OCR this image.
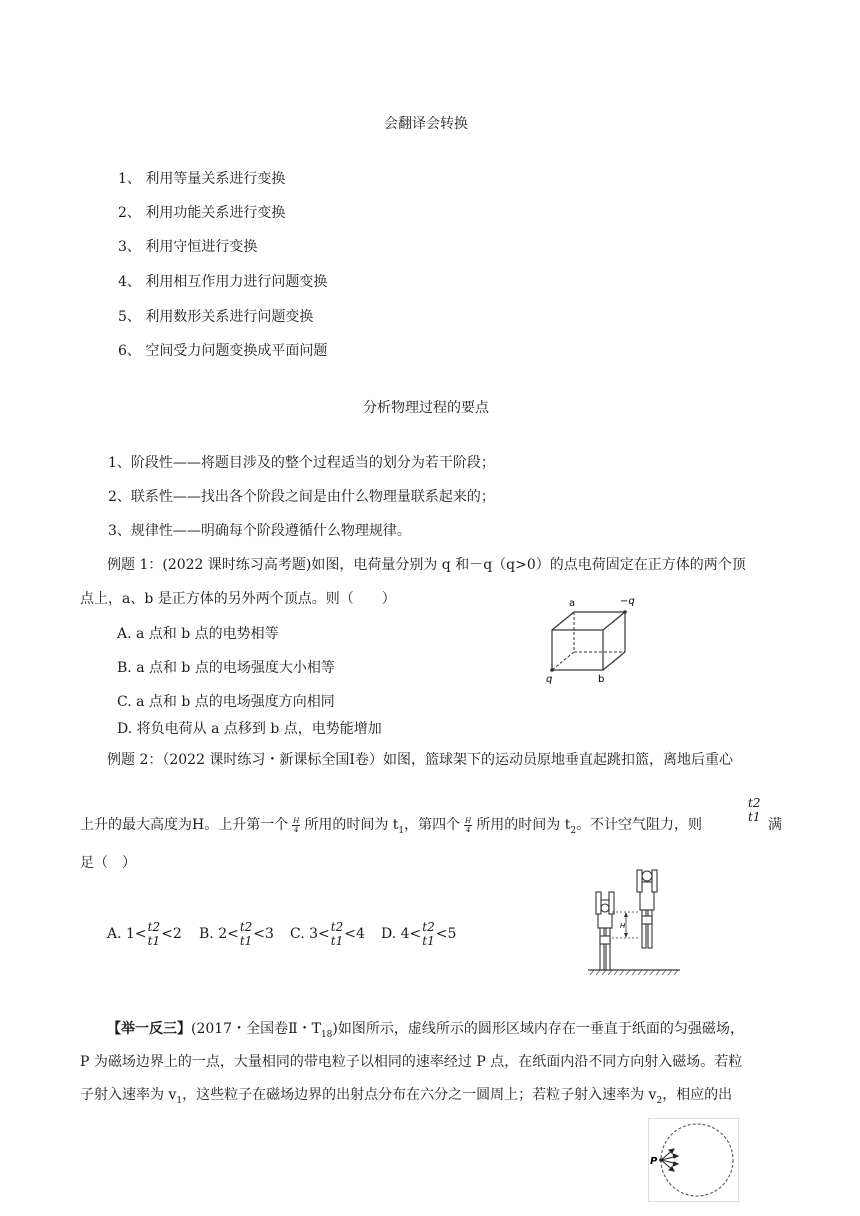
会翻译会转换
1、 利用等量关系进行变换
2、 利用功能关系进行变换
3、 利用守恒进行变换
4、 利用相互作用力进行问题变换
5、 利用数形关系进行问题变换
6、 空间受力问题变换成平面问题
分析物理过程的要点
1、阶段性——将题目涉及的整个过程适当的划分为若干阶段；
2、联系性——找出各个阶段之间是由什么物理量联系起来的；
3、规律性——明确每个阶段遵循什么物理规律。
例题 1：(2022 课时练习高考题)如图，电荷量分别为 q 和－q（q>0）的点电荷固定在正方体的两个顶
点上，a、b 是正方体的另外两个顶点。则（　　）
A. a 点和 b 点的电势相等
B. a 点和 b 点的电场强度大小相等
C. a 点和 b 点的电场强度方向相同
D. 将负电荷从 a 点移到 b 点，电势能增加
a	−q
q	b
例题 2：（2022 课时练习・新课标全国Ⅰ卷）如图，篮球架下的运动员原地垂直起跳扣篮，离地后重心
上升的最大高度为H。上升第一个 $\frac{H}{4}$ 所用的时间为 $t_1$，第四个 $\frac{H}{4}$ 所用的时间为 $t_2$。不计空气阻力，则
t2
t1 满
足（　）
A. 1< t2
t1 <2 B. 2< t2
t1 <3 C. 3< t2
t1 <4 D. 4< t2
t1 <5	H
【举一反三】(2017・全国卷Ⅱ・$T_{18}$)如图所示，虚线所示的圆形区域内存在一垂直于纸面的匀强磁场，
P 为磁场边界上的一点，大量相同的带电粒子以相同的速率经过 P 点，在纸面内沿不同方向射入磁场。若粒
子射入速率为 $v_1$，这些粒子在磁场边界的出射点分布在六分之一圆周上；若粒子射入速率为 $v_2$，相应的出
P
